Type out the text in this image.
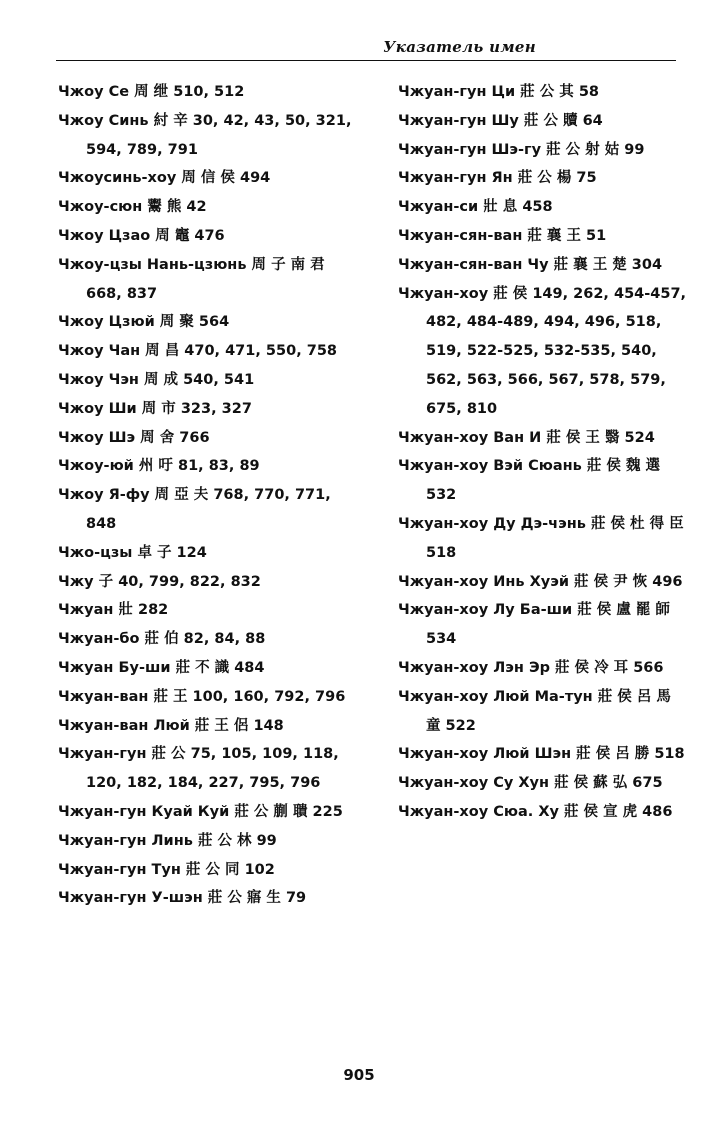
Указатель имен

Чжоу Се 周 绁 510, 512

Чжоу Синь 紂 辛 30, 42, 43, 50, 321, 594, 789, 791

Чжоусинь-хоу 周 信 侯 494

Чжоу-сюн 鬻 熊 42

Чжоу Цзао 周 竈 476

Чжоу-цзы Нань-цзюнь 周 子 南 君 668, 837

Чжоу Цзюй 周 聚 564

Чжоу Чан 周 昌 470, 471, 550, 758

Чжоу Чэн 周 成 540, 541

Чжоу Ши 周 市 323, 327

Чжоу Шэ 周 舍 766

Чжоу-юй 州 吁 81, 83, 89

Чжоу Я-фу 周 亞 夫 768, 770, 771, 848

Чжо-цзы 卓 子 124

Чжу 子 40, 799, 822, 832

Чжуан 壯 282

Чжуан-бо 莊 伯 82, 84, 88

Чжуан Бу-ши 莊 不 識 484

Чжуан-ван 莊 王 100, 160, 792, 796

Чжуан-ван Люй 莊 王 侶 148

Чжуан-гун 莊 公 75, 105, 109, 118, 120, 182, 184, 227, 795, 796

Чжуан-гун Куай Куй 莊 公 蒯 聵 225

Чжуан-гун Линь 莊 公 林 99

Чжуан-гун Тун 莊 公 同 102

Чжуан-гун У-шэн 莊 公 寤 生 79

Чжуан-гун Ци 莊 公 其 58

Чжуан-гун Шу 莊 公 贖 64

Чжуан-гун Шэ-гу 莊 公 射 姑 99

Чжуан-гун Ян 莊 公 楊 75

Чжуан-си 壯 息 458

Чжуан-сян-ван 莊 襄 王 51

Чжуан-сян-ван Чу 莊 襄 王 楚 304

Чжуан-хоу 莊 侯 149, 262, 454-457, 482, 484-489, 494, 496, 518, 519, 522-525, 532-535, 540, 562, 563, 566, 567, 578, 579, 675, 810

Чжуан-хоу Ван И 莊 侯 王 翳 524

Чжуан-хоу Вэй Сюань 莊 侯 魏 選 532

Чжуан-хоу Ду Дэ-чэнь 莊 侯 杜 得 臣 518

Чжуан-хоу Инь Хуэй 莊 侯 尹 恢 496

Чжуан-хоу Лу Ба-ши 莊 侯 盧 罷 師 534

Чжуан-хоу Лэн Эр 莊 侯 冷 耳 566

Чжуан-хоу Люй Ма-тун 莊 侯 呂 馬 童 522

Чжуан-хоу Люй Шэн 莊 侯 呂 勝 518

Чжуан-хоу Су Хун 莊 侯 蘇 弘 675

Чжуан-хоу Сюа. Ху 莊 侯 宣 虎 486

905
